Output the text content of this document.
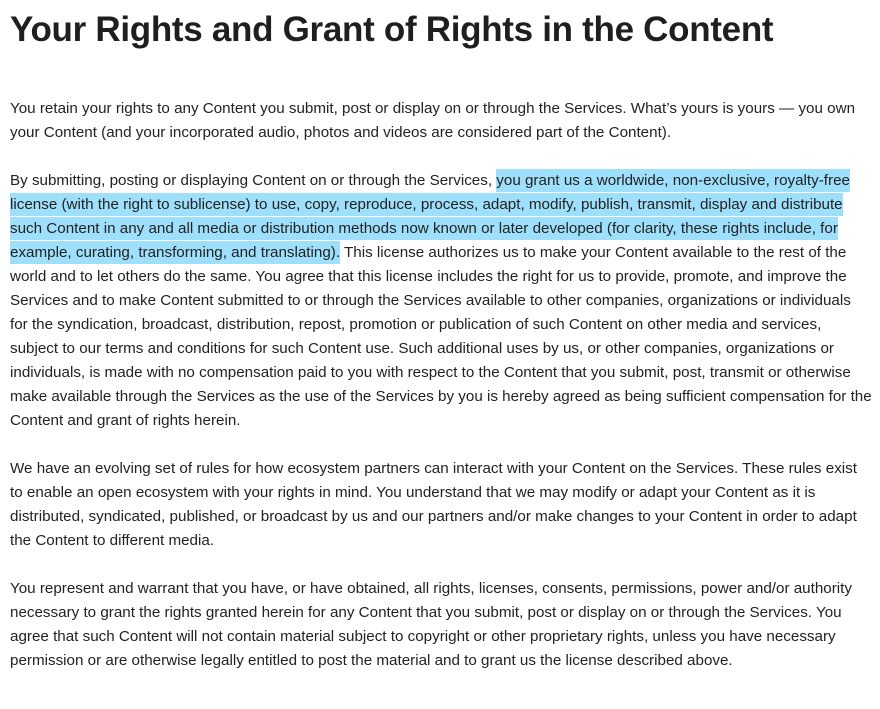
Your Rights and Grant of Rights in the Content

You retain your rights to any Content you submit, post or display on or through the Services. What’s yours is yours — you own your Content (and your incorporated audio, photos and videos are considered part of the Content).

By submitting, posting or displaying Content on or through the Services, you grant us a worldwide, non-exclusive, royalty-free license (with the right to sublicense) to use, copy, reproduce, process, adapt, modify, publish, transmit, display and distribute such Content in any and all media or distribution methods now known or later developed (for clarity, these rights include, for example, curating, transforming, and translating). This license authorizes us to make your Content available to the rest of the world and to let others do the same. You agree that this license includes the right for us to provide, promote, and improve the Services and to make Content submitted to or through the Services available to other companies, organizations or individuals for the syndication, broadcast, distribution, repost, promotion or publication of such Content on other media and services, subject to our terms and conditions for such Content use. Such additional uses by us, or other companies, organizations or individuals, is made with no compensation paid to you with respect to the Content that you submit, post, transmit or otherwise make available through the Services as the use of the Services by you is hereby agreed as being sufficient compensation for the Content and grant of rights herein.

We have an evolving set of rules for how ecosystem partners can interact with your Content on the Services. These rules exist to enable an open ecosystem with your rights in mind. You understand that we may modify or adapt your Content as it is distributed, syndicated, published, or broadcast by us and our partners and/or make changes to your Content in order to adapt the Content to different media.

You represent and warrant that you have, or have obtained, all rights, licenses, consents, permissions, power and/or authority necessary to grant the rights granted herein for any Content that you submit, post or display on or through the Services. You agree that such Content will not contain material subject to copyright or other proprietary rights, unless you have necessary permission or are otherwise legally entitled to post the material and to grant us the license described above.
